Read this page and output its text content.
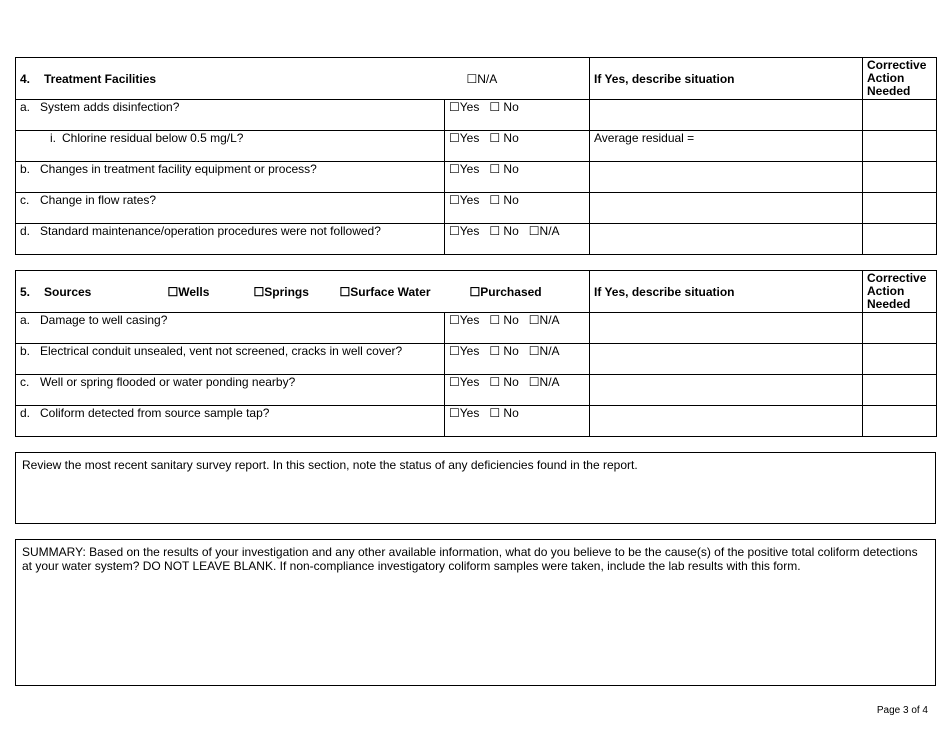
4. Treatment Facilities ☐N/A		If Yes, describe situation	Corrective Action Needed
a. System adds disinfection?	☐Yes ☐ No		
i. Chlorine residual below 0.5 mg/L?	☐Yes ☐ No	Average residual =	
b. Changes in treatment facility equipment or process?	☐Yes ☐ No		
c. Change in flow rates?	☐Yes ☐ No		
d. Standard maintenance/operation procedures were not followed?	☐Yes ☐ No ☐N/A		
5. Sources ☐Wells ☐Springs ☐Surface Water ☐Purchased		If Yes, describe situation	Corrective Action Needed
a. Damage to well casing?	☐Yes ☐ No ☐N/A		
b. Electrical conduit unsealed, vent not screened, cracks in well cover?	☐Yes ☐ No ☐N/A		
c. Well or spring flooded or water ponding nearby?	☐Yes ☐ No ☐N/A		
d. Coliform detected from source sample tap?	☐Yes ☐ No		
Review the most recent sanitary survey report. In this section, note the status of any deficiencies found in the report.
SUMMARY: Based on the results of your investigation and any other available information, what do you believe to be the cause(s) of the positive total coliform detections at your water system? DO NOT LEAVE BLANK. If non-compliance investigatory coliform samples were taken, include the lab results with this form.
Page 3 of 4
